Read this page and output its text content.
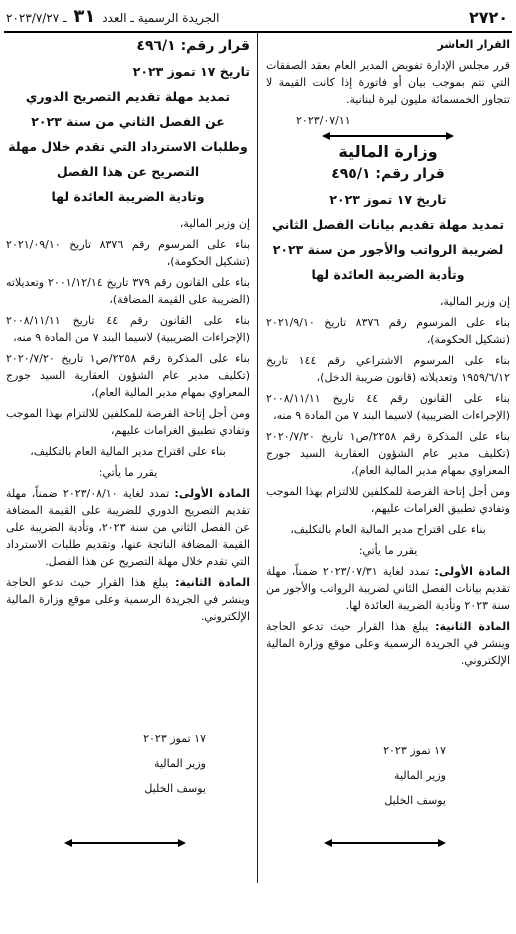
٢٧٢٠
الجريدة الرسمية ـ العدد ٣١ ـ ٢٠٢٣/٧/٢٧

القرار العاشر

قرر مجلس الإدارة تفويض المدير العام بعقد الصفقات التي تتم بموجب بيان أو فاتورة إذا كانت القيمة لا تتجاوز الخمسمائة مليون ليرة لبنانية.

٢٠٢٣/٠٧/١١

وزارة المالية

قرار رقم: ٤٩٥/١

تاريخ ١٧ تموز ٢٠٢٣

تمديد مهلة تقديم بيانات الفصل الثاني

لضريبة الرواتب والأجور من سنة ٢٠٢٣

وتأدية الضريبة العائدة لها

إن وزير المالية،

بناء على المرسوم رقم ٨٣٧٦ تاريخ ٢٠٢١/٩/١٠ (تشكيل الحكومة)،

بناء على المرسوم الاشتراعي رقم ١٤٤ تاريخ ١٩٥٩/٦/١٢ وتعديلاته (قانون ضريبة الدخل)،

بناء على القانون رقم ٤٤ تاريخ ٢٠٠٨/١١/١١ (الإجراءات الضريبية) لاسيما البند ٧ من المادة ٩ منه،

بناء على المذكرة رقم ٢٢٥٨/ص١ تاريخ ٢٠٢٠/٧/٢٠ (تكليف مدير عام الشؤون العقارية السيد جورج المعراوي بمهام مدير المالية العام)،

ومن أجل إتاحة الفرصة للمكلفين للالتزام بهذا الموجب وتفادي تطبيق الغرامات عليهم،

بناء على اقتراح مدير المالية العام بالتكليف،

يقرر ما يأتي:

المادة الأولى: تمدد لغاية ٢٠٢٣/٠٧/٣١ ضمناً، مهلة تقديم بيانات الفصل الثاني لضريبة الرواتب والأجور من سنة ٢٠٢٣ وتأدية الضريبة العائدة لها.

المادة الثانية: يبلغ هذا القرار حيث تدعو الحاجة وينشر في الجريدة الرسمية وعلى موقع وزارة المالية الإلكتروني.

١٧ تموز ٢٠٢٣
وزير المالية
يوسف الخليل

قرار رقم: ٤٩٦/١

تاريخ ١٧ تموز ٢٠٢٣

تمديد مهلة تقديم التصريح الدوري

عن الفصل الثاني من سنة ٢٠٢٣

وطلبات الاسترداد التي تقدم خلال مهلة

التصريح عن هذا الفصل

وتادية الضريبة العائدة لها

إن وزير المالية،

بناء على المرسوم رقم ٨٣٧٦ تاريخ ٢٠٢١/٠٩/١٠ (تشكيل الحكومة)،

بناء على القانون رقم ٣٧٩ تاريخ ٢٠٠١/١٢/١٤ وتعديلاته (الضريبة على القيمة المضافة)،

بناء على القانون رقم ٤٤ تاريخ ٢٠٠٨/١١/١١ (الإجراءات الضريبية) لاسيما البند ٧ من المادة ٩ منه،

بناء على المذكرة رقم ٢٢٥٨/ص١ تاريخ ٢٠٢٠/٧/٢٠ (تكليف مدير عام الشؤون العقارية السيد جورج المعراوي بمهام مدير المالية العام)،

ومن أجل إتاحة الفرصة للمكلفين للالتزام بهذا الموجب وتفادي تطبيق الغرامات عليهم،

بناء على اقتراح مدير المالية العام بالتكليف،

يقرر ما يأتي:

المادة الأولى: تمدد لغاية ٢٠٢٣/٠٨/١٠ ضمناً، مهلة تقديم التصريح الدوري للضريبة على القيمة المضافة عن الفصل الثاني من سنة ٢٠٢٣، وتأدية الضريبة على القيمة المضافة الناتجة عنها، وتقديم طلبات الاسترداد التي تقدم خلال مهلة التصريح عن هذا الفصل.

المادة الثانية: يبلغ هذا القرار حيث تدعو الحاجة وينشر في الجريدة الرسمية وعلى موقع وزارة المالية الإلكتروني.

١٧ تموز ٢٠٢٣
وزير المالية
يوسف الخليل
